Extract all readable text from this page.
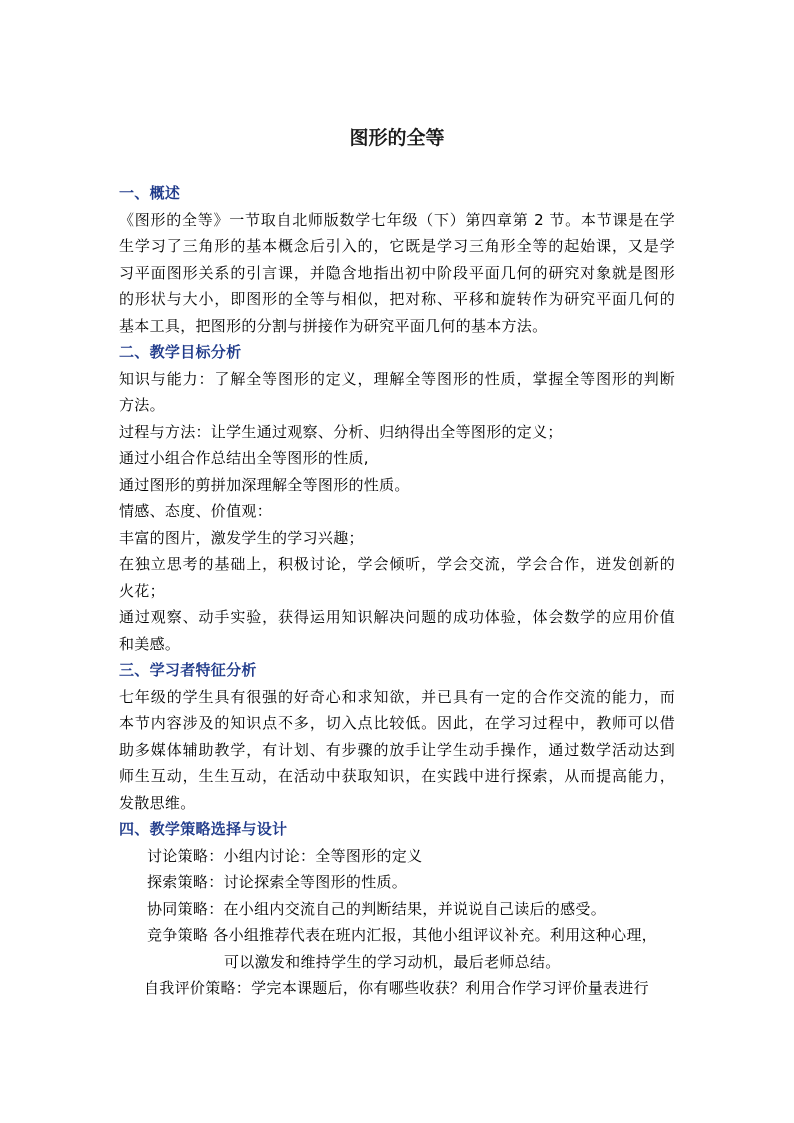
图形的全等
一、概述
《图形的全等》一节取自北师版数学七年级（下）第四章第 2 节。本节课是在学
生学习了三角形的基本概念后引入的，它既是学习三角形全等的起始课，又是学
习平面图形关系的引言课，并隐含地指出初中阶段平面几何的研究对象就是图形
的形状与大小，即图形的全等与相似，把对称、平移和旋转作为研究平面几何的
基本工具，把图形的分割与拼接作为研究平面几何的基本方法。
二、教学目标分析
知识与能力：了解全等图形的定义，理解全等图形的性质，掌握全等图形的判断
方法。
过程与方法：让学生通过观察、分析、归纳得出全等图形的定义；
通过小组合作总结出全等图形的性质,
通过图形的剪拼加深理解全等图形的性质。
情感、态度、价值观：
丰富的图片，激发学生的学习兴趣；
在独立思考的基础上，积极讨论，学会倾听，学会交流，学会合作，迸发创新的
火花；
通过观察、动手实验，获得运用知识解决问题的成功体验，体会数学的应用价值
和美感。
三、学习者特征分析
七年级的学生具有很强的好奇心和求知欲，并已具有一定的合作交流的能力，而
本节内容涉及的知识点不多，切入点比较低。因此，在学习过程中，教师可以借
助多媒体辅助教学，有计划、有步骤的放手让学生动手操作，通过数学活动达到
师生互动，生生互动，在活动中获取知识，在实践中进行探索，从而提高能力，
发散思维。
四、教学策略选择与设计
讨论策略：小组内讨论：全等图形的定义
探索策略：讨论探索全等图形的性质。
协同策略：在小组内交流自己的判断结果，并说说自己读后的感受。
竞争策略 各小组推荐代表在班内汇报，其他小组评议补充。利用这种心理，
可以激发和维持学生的学习动机，最后老师总结。
自我评价策略：学完本课题后，你有哪些收获？利用合作学习评价量表进行
